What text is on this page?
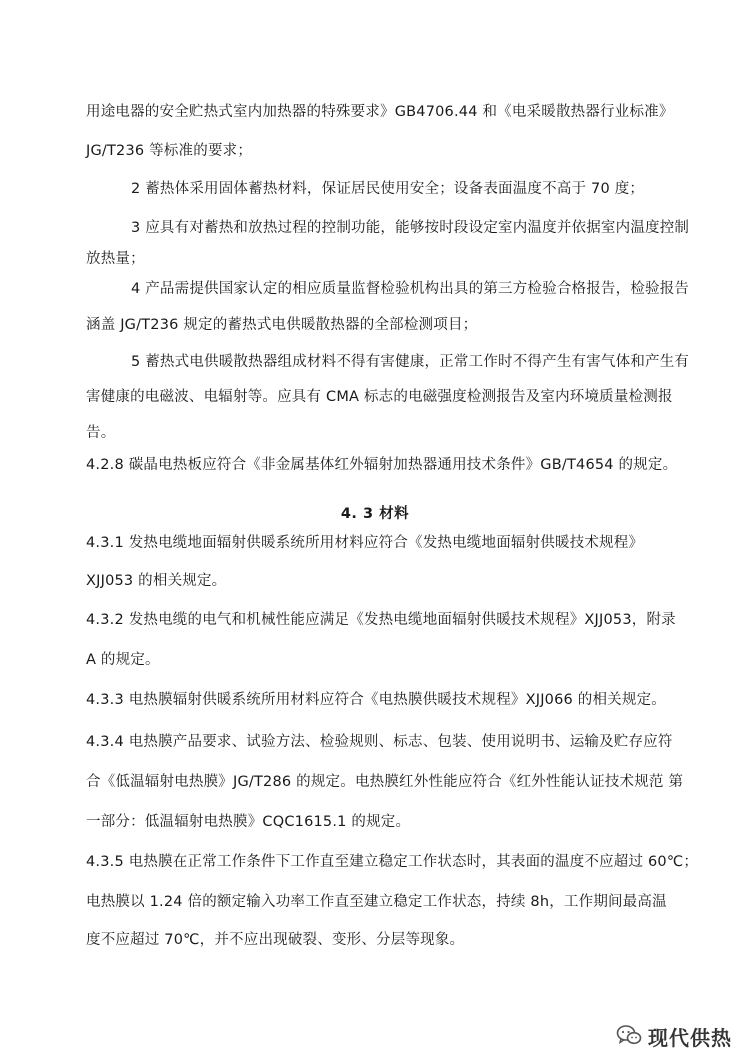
用途电器的安全贮热式室内加热器的特殊要求》GB4706.44 和《电采暖散热器行业标准》
JG/T236 等标准的要求；
2 蓄热体采用固体蓄热材料，保证居民使用安全；设备表面温度不高于 70 度；
3 应具有对蓄热和放热过程的控制功能，能够按时段设定室内温度并依据室内温度控制
放热量；
4 产品需提供国家认定的相应质量监督检验机构出具的第三方检验合格报告，检验报告
涵盖 JG/T236 规定的蓄热式电供暖散热器的全部检测项目；
5 蓄热式电供暖散热器组成材料不得有害健康，正常工作时不得产生有害气体和产生有
害健康的电磁波、电辐射等。应具有 CMA 标志的电磁强度检测报告及室内环境质量检测报
告。
4.2.8 碳晶电热板应符合《非金属基体红外辐射加热器通用技术条件》GB/T4654 的规定。
4. 3 材料
4.3.1 发热电缆地面辐射供暖系统所用材料应符合《发热电缆地面辐射供暖技术规程》
XJJ053 的相关规定。
4.3.2 发热电缆的电气和机械性能应满足《发热电缆地面辐射供暖技术规程》XJJ053，附录
A 的规定。
4.3.3 电热膜辐射供暖系统所用材料应符合《电热膜供暖技术规程》XJJ066 的相关规定。
4.3.4 电热膜产品要求、试验方法、检验规则、标志、包装、使用说明书、运输及贮存应符
合《低温辐射电热膜》JG/T286 的规定。电热膜红外性能应符合《红外性能认证技术规范 第
一部分：低温辐射电热膜》CQC1615.1 的规定。
4.3.5 电热膜在正常工作条件下工作直至建立稳定工作状态时，其表面的温度不应超过 60℃；
电热膜以 1.24 倍的额定输入功率工作直至建立稳定工作状态，持续 8h，工作期间最高温
度不应超过 70℃，并不应出现破裂、变形、分层等现象。
现代供热
